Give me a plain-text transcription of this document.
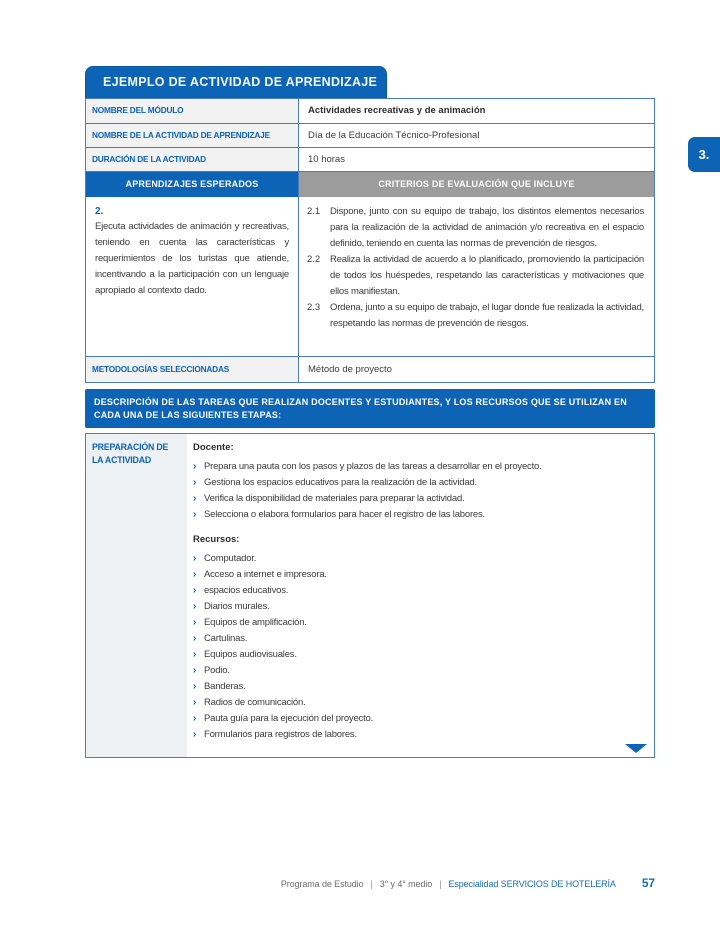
3.
EJEMPLO DE ACTIVIDAD DE APRENDIZAJE
NOMBRE DEL MÓDULO	Actividades recreativas y de animación
NOMBRE DE LA ACTIVIDAD DE APRENDIZAJE	Día de la Educación Técnico-Profesional
DURACIÓN DE LA ACTIVIDAD	10 horas
APRENDIZAJES ESPERADOS	CRITERIOS DE EVALUACIÓN QUE INCLUYE
2.
Ejecuta actividades de animación y recreativas, teniendo en cuenta las características y requerimientos de los turistas que atiende, incentivando a la participación con un lenguaje apropiado al contexto dado.
2.1	Dispone, junto con su equipo de trabajo, los distintos elementos necesarios para la realización de la actividad de animación y/o recreativa en el espacio definido, teniendo en cuenta las normas de prevención de riesgos.
2.2	Realiza la actividad de acuerdo a lo planificado, promoviendo la participación de todos los huéspedes, respetando las características y motivaciones que ellos manifiestan.
2.3	Ordena, junto a su equipo de trabajo, el lugar donde fue realizada la actividad, respetando las normas de prevención de riesgos.
METODOLOGÍAS SELECCIONADAS	Método de proyecto
DESCRIPCIÓN DE LAS TAREAS QUE REALIZAN DOCENTES Y ESTUDIANTES, Y LOS RECURSOS QUE SE UTILIZAN EN CADA UNA DE LAS SIGUIENTES ETAPAS:
PREPARACIÓN DE LA ACTIVIDAD
Docente:
› Prepara una pauta con los pasos y plazos de las tareas a desarrollar en el proyecto.
› Gestiona los espacios educativos para la realización de la actividad.
› Verifica la disponibilidad de materiales para preparar la actividad.
› Selecciona o elabora formularios para hacer el registro de las labores.
Recursos:
› Computador.
› Acceso a internet e impresora.
› espacios educativos.
› Diarios murales.
› Equipos de amplificación.
› Cartulinas.
› Equipos audiovisuales.
› Podio.
› Banderas.
› Radios de comunicación.
› Pauta guía para la ejecución del proyecto.
› Formularios para registros de labores.
Programa de Estudio | 3° y 4° medio | Especialidad SERVICIOS DE HOTELERÍA 57
